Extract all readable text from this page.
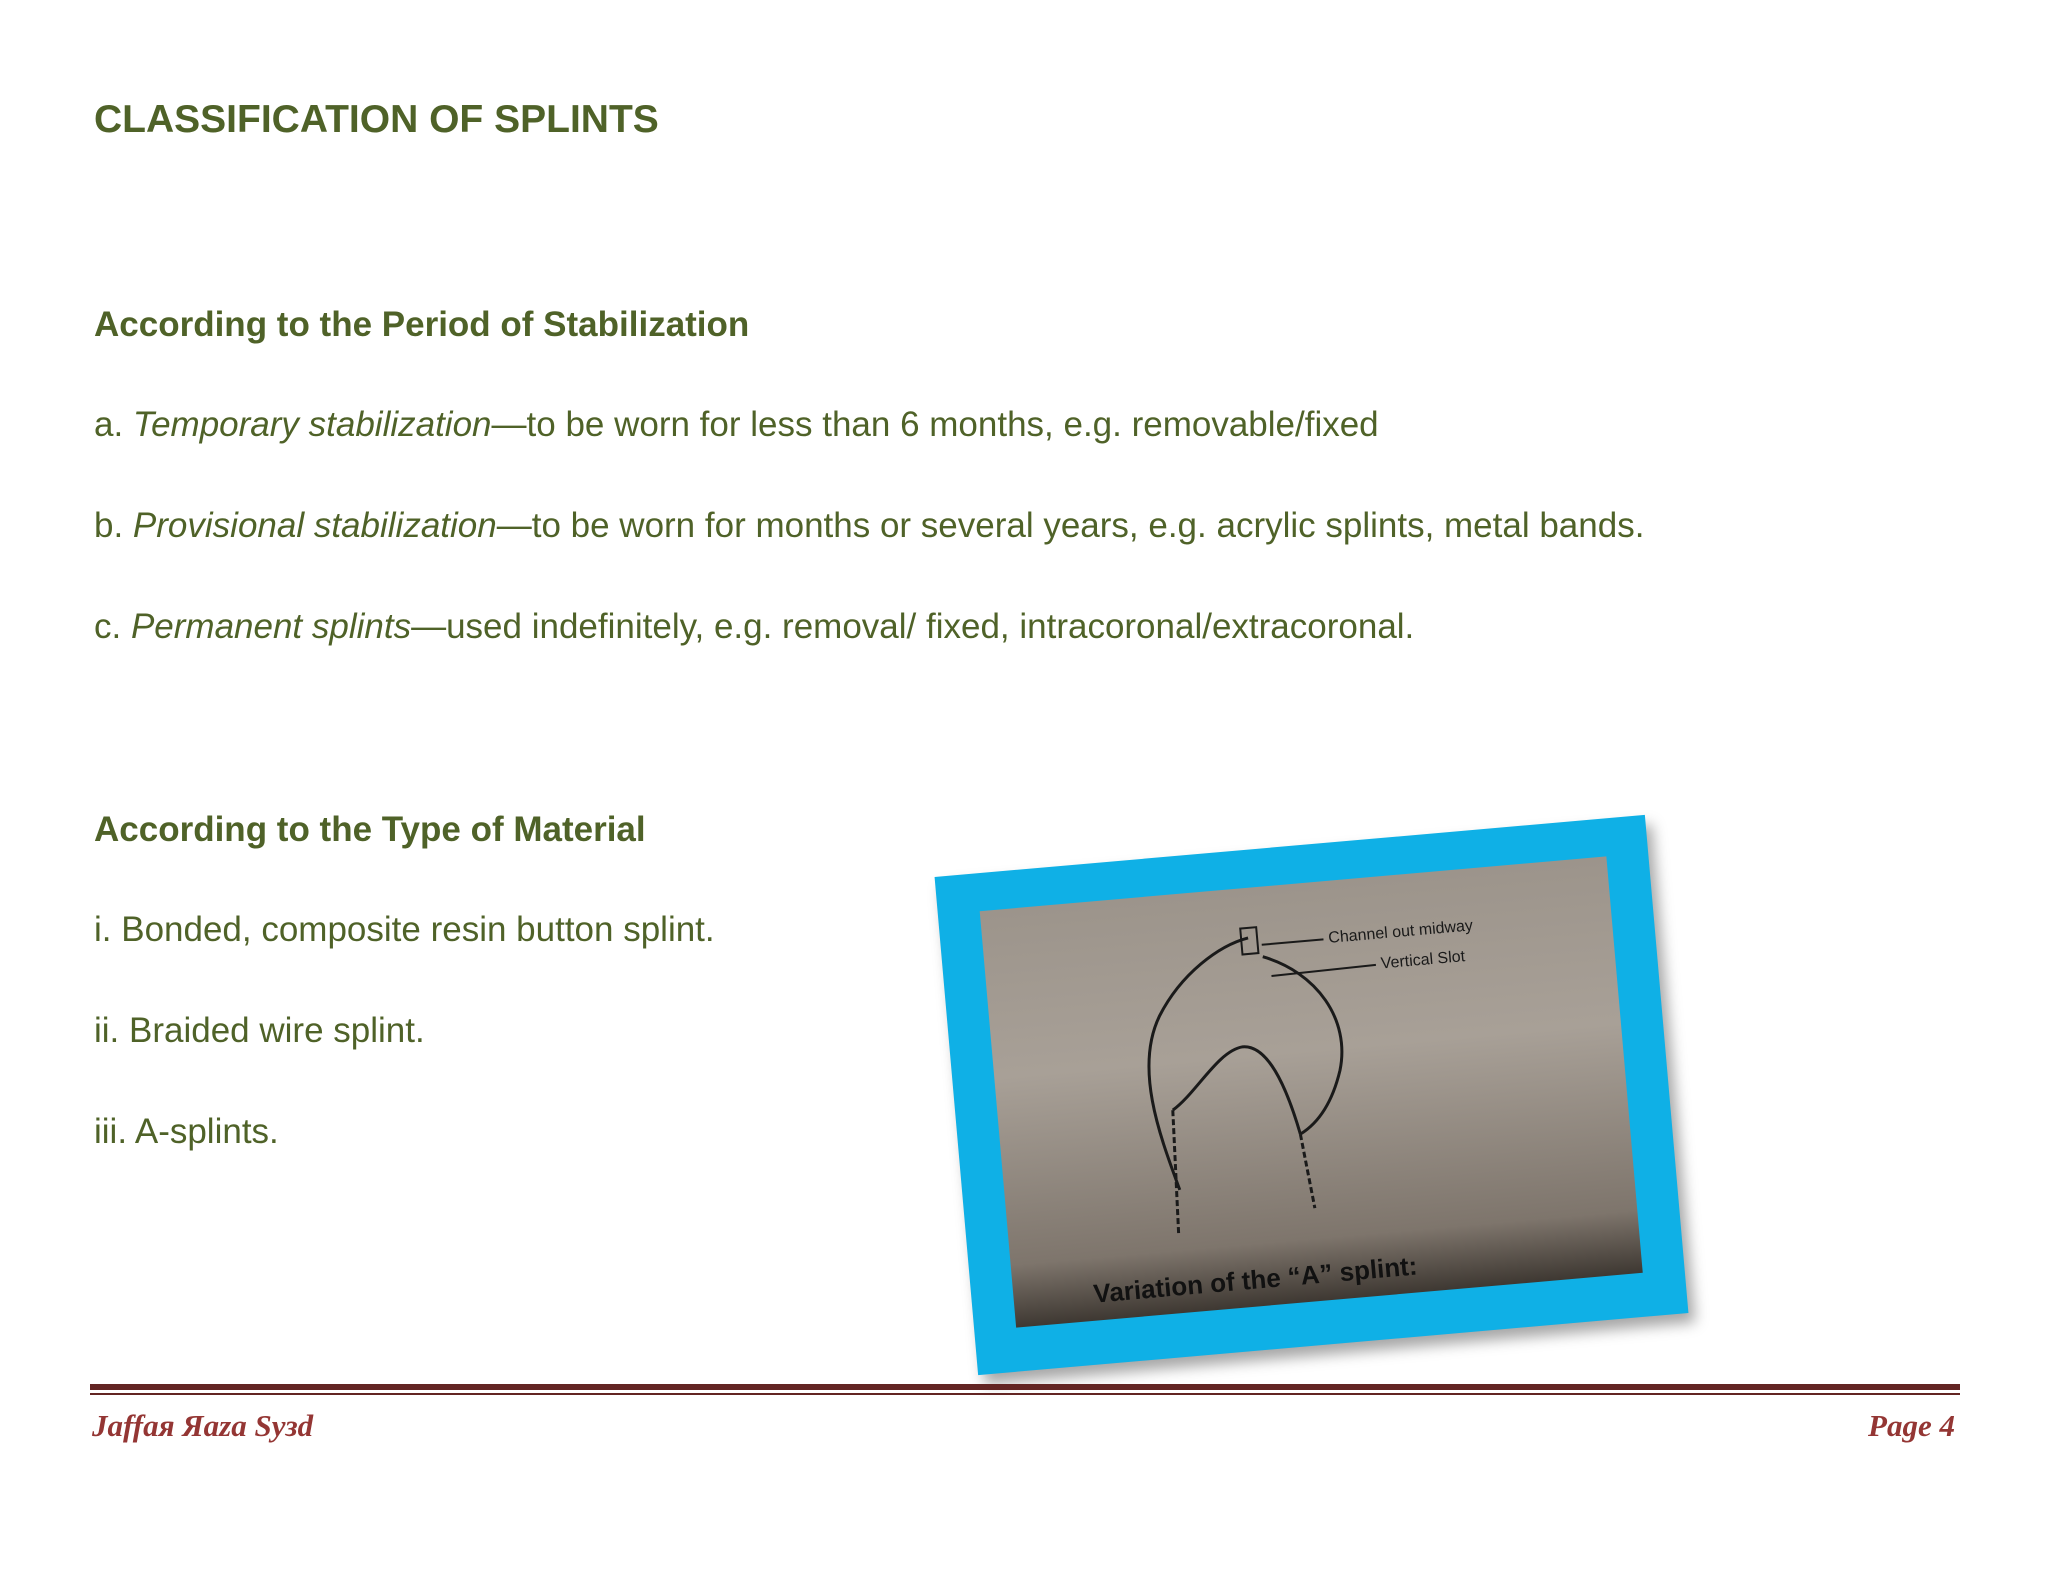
CLASSIFICATION OF SPLINTS
According to the Period of Stabilization

a. Temporary stabilization—to be worn for less than 6 months, e.g. removable/fixed

b. Provisional stabilization—to be worn for months or several years, e.g. acrylic splints, metal bands.

c. Permanent splints—used indefinitely, e.g. removal/ fixed, intracoronal/extracoronal.

According to the Type of Material

i. Bonded, composite resin button splint.

ii. Braided wire splint.

iii. A-splints.

Channel out midway
Vertical Slot
Variation of the “A” splint:

Jaffaя Яaza Syзd	Page 4
